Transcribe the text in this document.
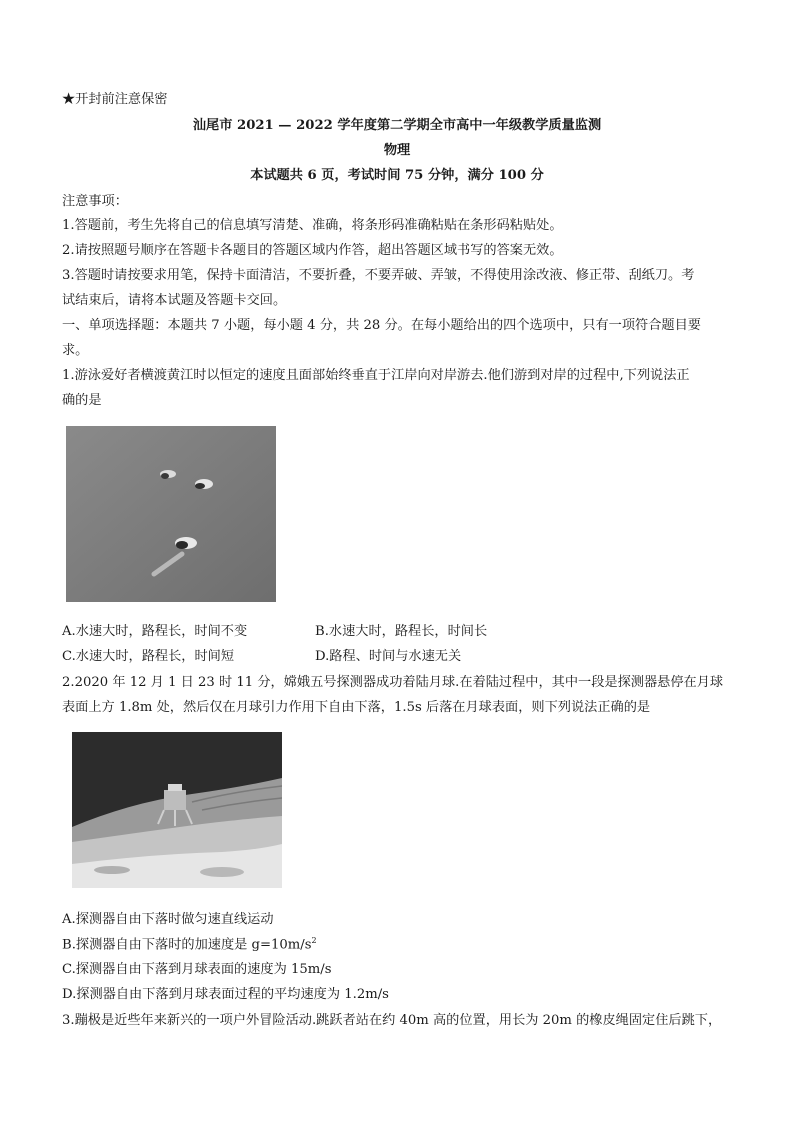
★开封前注意保密
汕尾市 2021 — 2022 学年度第二学期全市高中一年级教学质量监测
物理
本试题共 6 页，考试时间 75 分钟，满分 100 分
注意事项：
1.答题前，考生先将自己的信息填写清楚、准确，将条形码准确粘贴在条形码粘贴处。
2.请按照题号顺序在答题卡各题目的答题区域内作答，超出答题区域书写的答案无效。
3.答题时请按要求用笔，保持卡面清洁，不要折叠，不要弄破、弄皱，不得使用涂改液、修正带、刮纸刀。考
试结束后，请将本试题及答题卡交回。
一、单项选择题：本题共 7 小题，每小题 4 分，共 28 分。在每小题给出的四个选项中，只有一项符合题目要
求。
1.游泳爱好者横渡黄江时以恒定的速度且面部始终垂直于江岸向对岸游去.他们游到对岸的过程中,下列说法正
确的是
A.水速大时，路程长，时间不变	B.水速大时，路程长，时间长
C.水速大时，路程长，时间短	D.路程、时间与水速无关
2.2020 年 12 月 1 日 23 时 11 分，嫦娥五号探测器成功着陆月球.在着陆过程中，其中一段是探测器悬停在月球
表面上方 1.8m 处，然后仅在月球引力作用下自由下落，1.5s 后落在月球表面，则下列说法正确的是
A.探测器自由下落时做匀速直线运动
B.探测器自由下落时的加速度是 $g=10m/s^2$
C.探测器自由下落到月球表面的速度为 15m/s
D.探测器自由下落到月球表面过程的平均速度为 1.2m/s
3.蹦极是近些年来新兴的一项户外冒险活动.跳跃者站在约 40m 高的位置，用长为 20m 的橡皮绳固定住后跳下，
